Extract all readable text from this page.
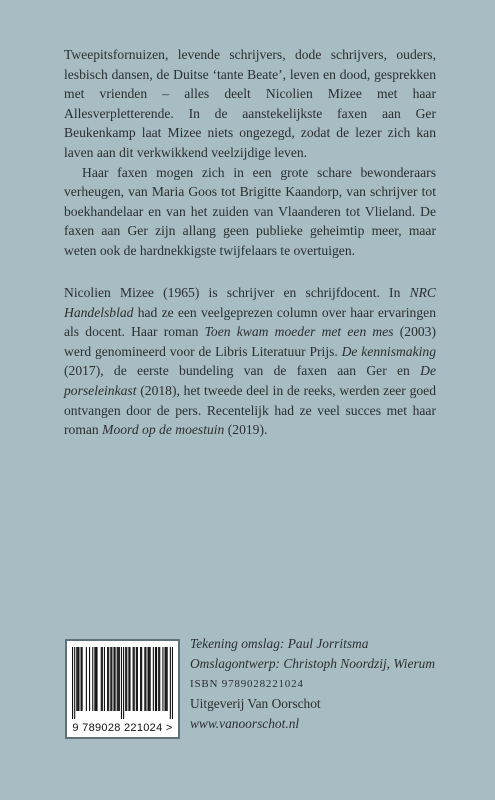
Tweepitsfornuizen, levende schrijvers, dode schrijvers, ouders, lesbisch dansen, de Duitse ‘tante Beate’, leven en dood, gesprekken met vrienden – alles deelt Nicolien Mizee met haar Allesverpletterende. In de aanstekelijkste faxen aan Ger Beukenkamp laat Mizee niets ongezegd, zodat de lezer zich kan laven aan dit verkwikkend veelzijdige leven.

Haar faxen mogen zich in een grote schare bewonderaars verheugen, van Maria Goos tot Brigitte Kaandorp, van schrijver tot boekhandelaar en van het zuiden van Vlaanderen tot Vlieland. De faxen aan Ger zijn allang geen publieke geheimtip meer, maar weten ook de hardnekkigste twijfelaars te overtuigen.

Nicolien Mizee (1965) is schrijver en schrijfdocent. In NRC Handelsblad had ze een veelgeprezen column over haar ervaringen als docent. Haar roman Toen kwam moeder met een mes (2003) werd genomineerd voor de Libris Literatuur Prijs. De kennismaking (2017), de eerste bundeling van de faxen aan Ger en De porseleinkast (2018), het tweede deel in de reeks, werden zeer goed ontvangen door de pers. Recentelijk had ze veel succes met haar roman Moord op de moestuin (2019).

9 789028 221024 >
Tekening omslag: Paul Jorritsma
Omslagontwerp: Christoph Noordzij, Wierum
ISBN 9789028221024
Uitgeverij Van Oorschot
www.vanoorschot.nl
